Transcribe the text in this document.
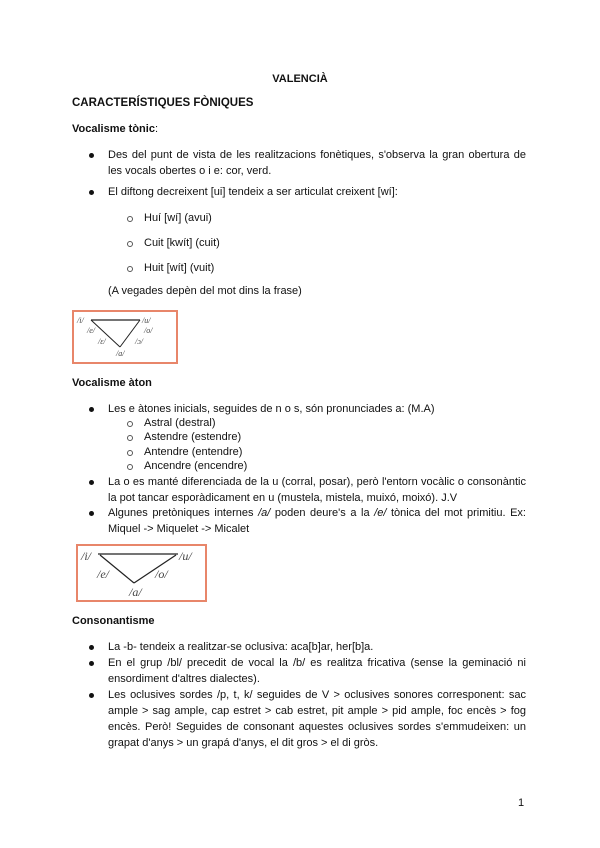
VALENCIÀ
CARACTERÍSTIQUES FÒNIQUES
Vocalisme tònic:
Des del punt de vista de les realitzacions fonètiques, s'observa la gran obertura de les vocals obertes o i e: cor, verd.
El diftong decreixent [ui] tendeix a ser articulat creixent [wí]:
Huí [wí] (avui)
Cuit [kwít] (cuit)
Huit [wít] (vuit)
(A vegades depèn del mot dins la frase)
/i/	/u/
/e/	/o/
/ɛ/	/ɔ/
/a/
Vocalisme àton
Les e àtones inicials, seguides de n o s, són pronunciades a: (M.A)
Astral (destral)
Astendre (estendre)
Antendre (entendre)
Ancendre (encendre)
La o es manté diferenciada de la u (corral, posar), però l'entorn vocàlic o consonàntic la pot tancar esporàdicament en u (mustela, mistela, muixó, moixó). J.V
Algunes pretòniques internes /a/ poden deure's a la /e/ tònica del mot primitiu. Ex: Miquel -> Miquelet -> Micalet
/i/	/u/
/e/	/o/
/a/
Consonantisme
La -b- tendeix a realitzar-se oclusiva: aca[b]ar, her[b]a.
En el grup /bl/ precedit de vocal la /b/ es realitza fricativa (sense la geminació ni ensordiment d'altres dialectes).
Les oclusives sordes /p, t, k/ seguides de V > oclusives sonores corresponent: sac ample > sag ample, cap estret > cab estret, pit ample > pid ample, foc encès > fog encès. Però! Seguides de consonant aquestes oclusives sordes s'emmudeixen: un grapat d'anys > un grapá d'anys, el dit gros > el di gròs.
1
